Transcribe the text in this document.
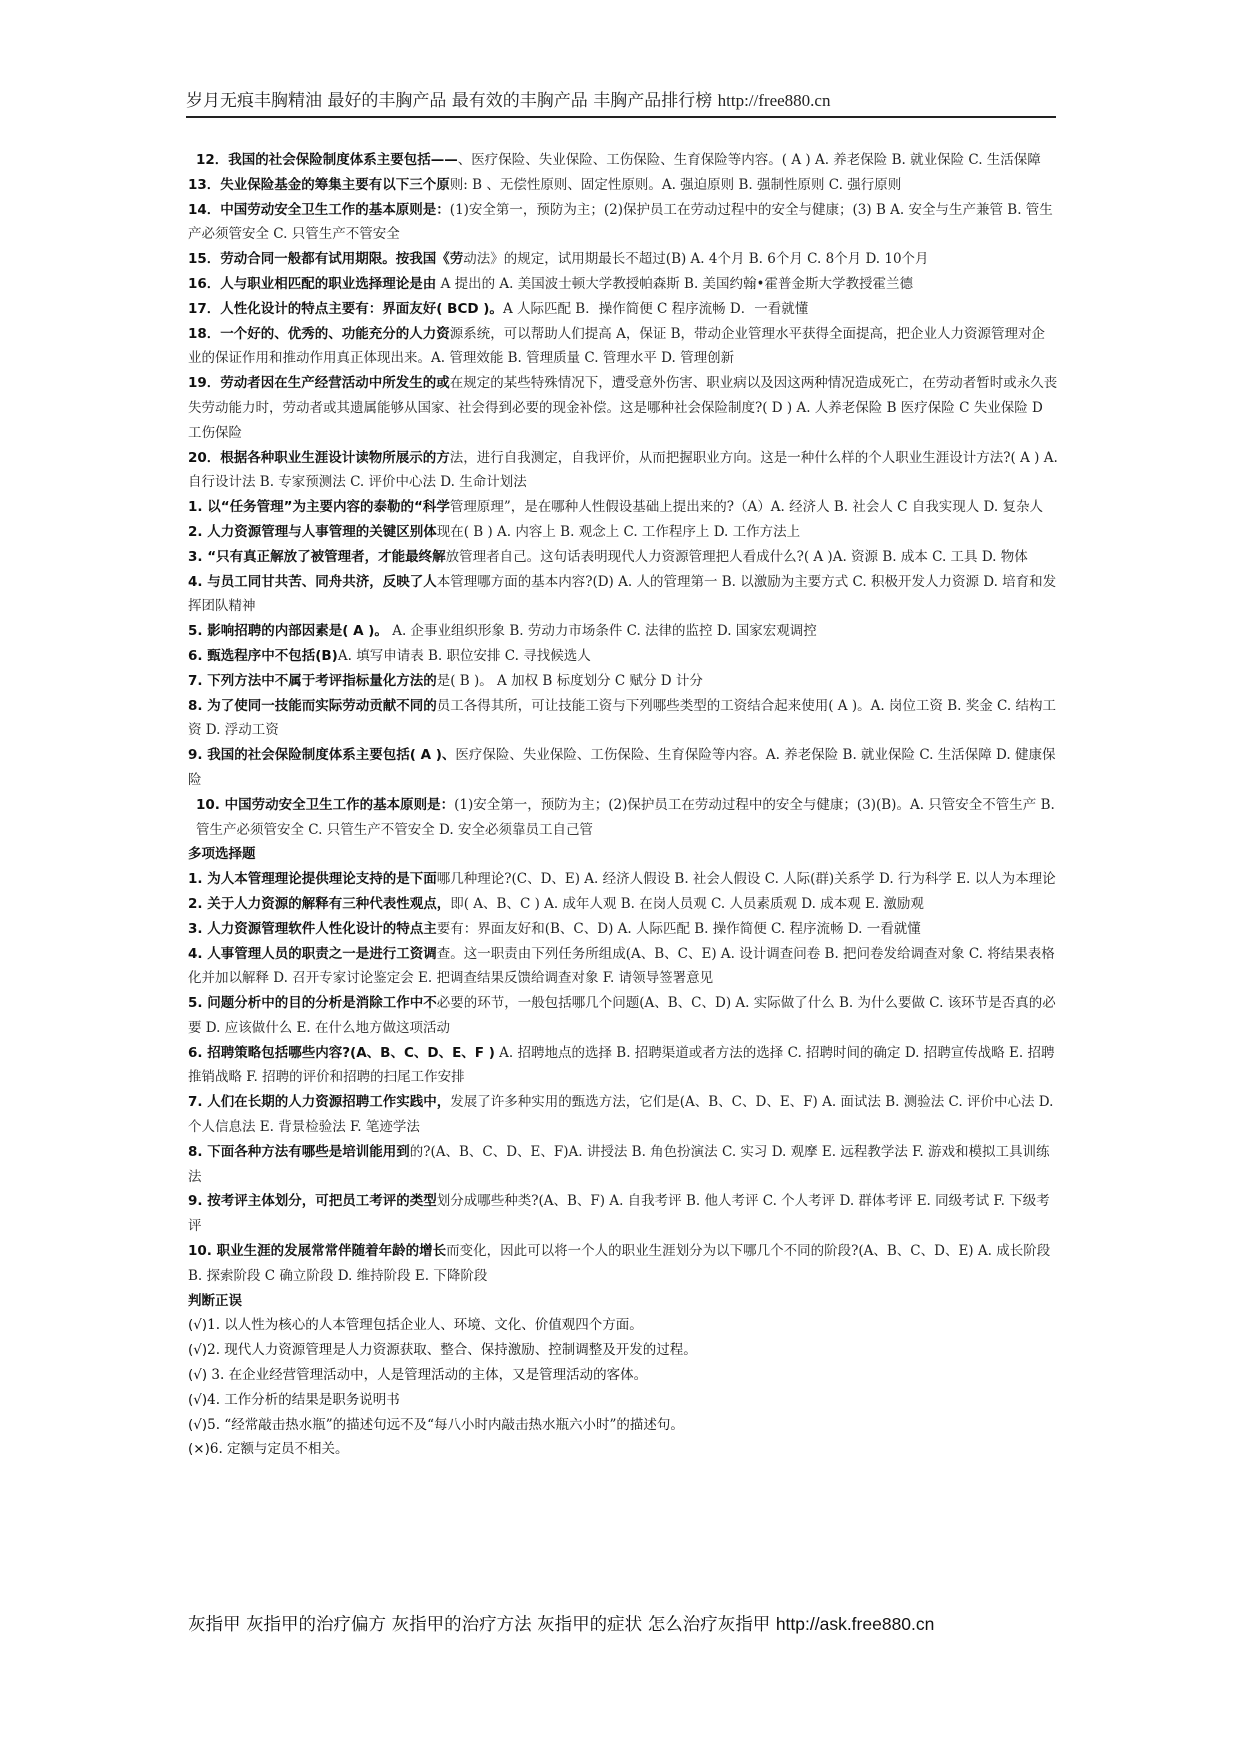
岁月无痕丰胸精油 最好的丰胸产品 最有效的丰胸产品 丰胸产品排行榜 http://free880.cn

12．我国的社会保险制度体系主要包括——、医疗保险、失业保险、工伤保险、生育保险等内容。( A ) A. 养老保险 B. 就业保险 C. 生活保障

13．失业保险基金的筹集主要有以下三个原则: B 、无偿性原则、固定性原则。A. 强迫原则 B. 强制性原则 C. 强行原则

14．中国劳动安全卫生工作的基本原则是：(1)安全第一，预防为主；(2)保护员工在劳动过程中的安全与健康；(3) B A. 安全与生产兼管 B. 管生产必须管安全 C. 只管生产不管安全

15．劳动合同一般都有试用期限。按我国《劳动法》的规定，试用期最长不超过(B) A. 4个月 B. 6个月 C. 8个月 D. 10个月

16．人与职业相匹配的职业选择理论是由 A 提出的 A. 美国波士顿大学教授帕森斯 B. 美国约翰•霍普金斯大学教授霍兰德

17．人性化设计的特点主要有：界面友好( BCD )。A 人际匹配 B．操作简便 C 程序流畅 D．一看就懂

18．一个好的、优秀的、功能充分的人力资源系统，可以帮助人们提高 A，保证 B，带动企业管理水平获得全面提高，把企业人力资源管理对企业的保证作用和推动作用真正体现出来。A. 管理效能 B. 管理质量 C. 管理水平 D. 管理创新

19．劳动者因在生产经营活动中所发生的或在规定的某些特殊情况下，遭受意外伤害、职业病以及因这两种情况造成死亡，在劳动者暂时或永久丧失劳动能力时，劳动者或其遗属能够从国家、社会得到必要的现金补偿。这是哪种社会保险制度?( D ) A. 人养老保险 B 医疗保险 C 失业保险 D 工伤保险

20．根据各种职业生涯设计读物所展示的方法，进行自我测定，自我评价，从而把握职业方向。这是一种什么样的个人职业生涯设计方法?( A ) A. 自行设计法 B. 专家预测法 C. 评价中心法 D. 生命计划法

1. 以“任务管理”为主要内容的泰勒的“科学管理原理”，是在哪种人性假设基础上提出来的?（A）A. 经济人 B. 社会人 C 自我实现人 D. 复杂人

2. 人力资源管理与人事管理的关键区别体现在( B ) A. 内容上 B. 观念上 C. 工作程序上 D. 工作方法上

3. “只有真正解放了被管理者，才能最终解放管理者自己。这句话表明现代人力资源管理把人看成什么?( A )A. 资源 B. 成本 C. 工具 D. 物体

4. 与员工同甘共苦、同舟共济，反映了人本管理哪方面的基本内容?(D) A. 人的管理第一 B. 以激励为主要方式 C. 积极开发人力资源 D. 培育和发挥团队精神

5. 影响招聘的内部因素是( A )。 A. 企事业组织形象 B. 劳动力市场条件 C. 法律的监控 D. 国家宏观调控

6. 甄选程序中不包括(B)A. 填写申请表 B. 职位安排 C. 寻找候选人

7. 下列方法中不属于考评指标量化方法的是( B )。 A 加权 B 标度划分 C 赋分 D 计分

8. 为了使同一技能而实际劳动贡献不同的员工各得其所，可让技能工资与下列哪些类型的工资结合起来使用( A )。A. 岗位工资 B. 奖金 C. 结构工资 D. 浮动工资

9. 我国的社会保险制度体系主要包括( A )、医疗保险、失业保险、工伤保险、生育保险等内容。A. 养老保险 B. 就业保险 C. 生活保障 D. 健康保险

10. 中国劳动安全卫生工作的基本原则是：(1)安全第一，预防为主；(2)保护员工在劳动过程中的安全与健康；(3)(B)。A. 只管安全不管生产 B. 管生产必须管安全 C. 只管生产不管安全 D. 安全必须靠员工自己管

多项选择题

1. 为人本管理理论提供理论支持的是下面哪几种理论?(C、D、E) A. 经济人假设 B. 社会人假设 C. 人际(群)关系学 D. 行为科学 E. 以人为本理论

2. 关于人力资源的解释有三种代表性观点，即( A、B、C ) A. 成年人观 B. 在岗人员观 C. 人员素质观 D. 成本观 E. 激励观

3. 人力资源管理软件人性化设计的特点主要有：界面友好和(B、C、D) A. 人际匹配 B. 操作简便 C. 程序流畅 D. 一看就懂

4. 人事管理人员的职责之一是进行工资调查。这一职责由下列任务所组成(A、B、C、E) A. 设计调查问卷 B. 把问卷发给调查对象 C. 将结果表格化并加以解释 D. 召开专家讨论鉴定会 E. 把调查结果反馈给调查对象 F. 请领导签署意见

5. 问题分析中的目的分析是消除工作中不必要的环节，一般包括哪几个问题(A、B、C、D) A. 实际做了什么 B. 为什么要做 C. 该环节是否真的必要 D. 应该做什么 E. 在什么地方做这项活动

6. 招聘策略包括哪些内容?(A、B、C、D、E、F ) A. 招聘地点的选择 B. 招聘渠道或者方法的选择 C. 招聘时间的确定 D. 招聘宣传战略 E. 招聘推销战略 F. 招聘的评价和招聘的扫尾工作安排

7. 人们在长期的人力资源招聘工作实践中，发展了许多种实用的甄选方法，它们是(A、B、C、D、E、F) A. 面试法 B. 测验法 C. 评价中心法 D. 个人信息法 E. 背景检验法 F. 笔迹学法

8. 下面各种方法有哪些是培训能用到的?(A、B、C、D、E、F)A. 讲授法 B. 角色扮演法 C. 实习 D. 观摩 E. 远程教学法 F. 游戏和模拟工具训练法

9. 按考评主体划分，可把员工考评的类型划分成哪些种类?(A、B、F) A. 自我考评 B. 他人考评 C. 个人考评 D. 群体考评 E. 同级考试 F. 下级考评

10. 职业生涯的发展常常伴随着年龄的增长而变化，因此可以将一个人的职业生涯划分为以下哪几个不同的阶段?(A、B、C、D、E) A. 成长阶段 B. 探索阶段 C 确立阶段 D. 维持阶段 E. 下降阶段

判断正误

(√)1. 以人性为核心的人本管理包括企业人、环境、文化、价值观四个方面。

(√)2. 现代人力资源管理是人力资源获取、整合、保持激励、控制调整及开发的过程。

(√) 3. 在企业经营管理活动中，人是管理活动的主体，又是管理活动的客体。

(√)4. 工作分析的结果是职务说明书

(√)5. “经常敲击热水瓶”的描述句远不及“每八小时内敲击热水瓶六小时”的描述句。

(×)6. 定额与定员不相关。

灰指甲 灰指甲的治疗偏方 灰指甲的治疗方法 灰指甲的症状 怎么治疗灰指甲 http://ask.free880.cn
